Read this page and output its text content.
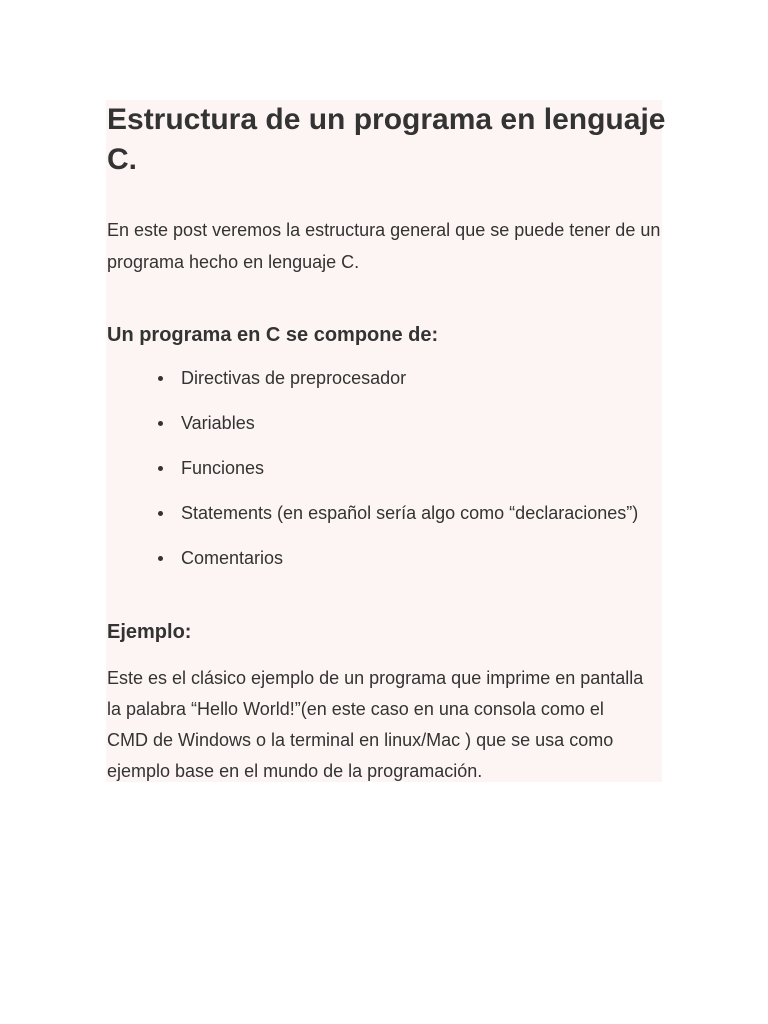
Estructura de un programa en lenguaje C.

En este post veremos la estructura general que se puede tener de un programa hecho en lenguaje C.

Un programa en C se compone de:
Directivas de preprocesador
Variables
Funciones
Statements (en español sería algo como “declaraciones”)
Comentarios
Ejemplo:

Este es el clásico ejemplo de un programa que imprime en pantalla la palabra “Hello World!”(en este caso en una consola como el CMD de Windows o la terminal en linux/Mac ) que se usa como ejemplo base en el mundo de la programación.
